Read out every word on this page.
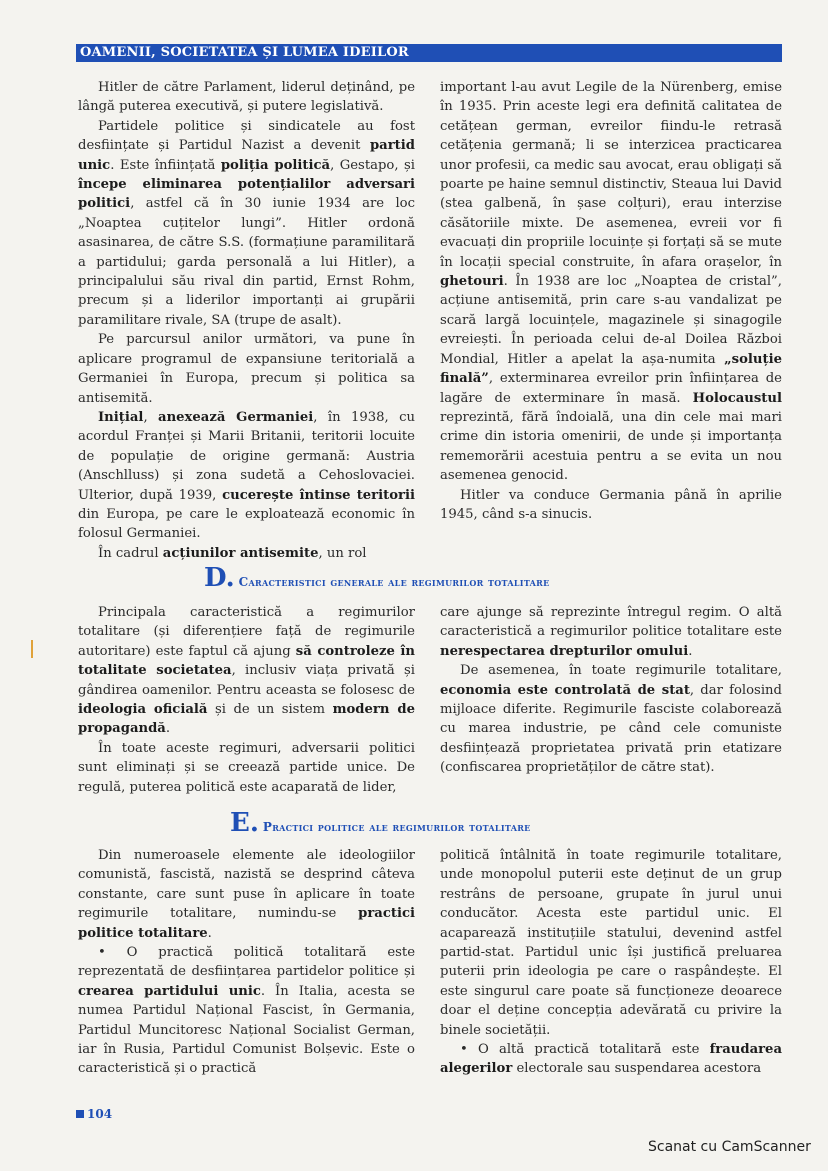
OAMENII, SOCIETATEA ȘI LUMEA IDEILOR

Hitler de către Parlament, liderul deținând, pe lângă puterea executivă, și putere legislativă.

Partidele politice și sindicatele au fost desființate și Partidul Nazist a devenit partid unic. Este înființată poliția politică, Gestapo, și începe eliminarea potențialilor adversari politici, astfel că în 30 iunie 1934 are loc „Noaptea cuțitelor lungi”. Hitler ordonă asasinarea, de către S.S. (formațiune paramilitară a partidului; garda personală a lui Hitler), a principalului său rival din partid, Ernst Rohm, precum și a liderilor importanți ai grupării paramilitare rivale, SA (trupe de asalt).

Pe parcursul anilor următori, va pune în aplicare programul de expansiune teritorială a Germaniei în Europa, precum și politica sa antisemită.

Inițial, anexează Germaniei, în 1938, cu acordul Franței și Marii Britanii, teritorii locuite de populație de origine germană: Austria (Anschlluss) și zona sudetă a Cehoslovaciei. Ulterior, după 1939, cucerește întinse teritorii din Europa, pe care le exploatează economic în folosul Germaniei.

În cadrul acțiunilor antisemite, un rol

important l-au avut Legile de la Nürenberg, emise în 1935. Prin aceste legi era definită calitatea de cetățean german, evreilor fiindu-le retrasă cetățenia germană; li se interzicea practicarea unor profesii, ca medic sau avocat, erau obligați să poarte pe haine semnul distinctiv, Steaua lui David (stea galbenă, în șase colțuri), erau interzise căsătoriile mixte. De asemenea, evreii vor fi evacuați din propriile locuințe și forțați să se mute în locații special construite, în afara orașelor, în ghetouri. În 1938 are loc „Noaptea de cristal”, acțiune antisemită, prin care s-au vandalizat pe scară largă locuințele, magazinele și sinagogile evreiești. În perioada celui de-al Doilea Război Mondial, Hitler a apelat la așa-numita „soluție finală”, exterminarea evreilor prin înființarea de lagăre de exterminare în masă. Holocaustul reprezintă, fără îndoială, una din cele mai mari crime din istoria omenirii, de unde și importanța rememorării acestuia pentru a se evita un nou asemenea genocid.

Hitler va conduce Germania până în aprilie 1945, când s-a sinucis.

D. Caracteristici generale ale regimurilor totalitare

Principala caracteristică a regimurilor totalitare (și diferențiere față de regimurile autoritare) este faptul că ajung să controleze în totalitate societatea, inclusiv viața privată și gândirea oamenilor. Pentru aceasta se folosesc de ideologia oficială și de un sistem modern de propagandă.

În toate aceste regimuri, adversarii politici sunt eliminați și se creează partide unice. De regulă, puterea politică este acaparată de lider,

care ajunge să reprezinte întregul regim. O altă caracteristică a regimurilor politice totalitare este nerespectarea drepturilor omului.

De asemenea, în toate regimurile totalitare, economia este controlată de stat, dar folosind mijloace diferite. Regimurile fasciste colaborează cu marea industrie, pe când cele comuniste desființează proprietatea privată prin etatizare (confiscarea proprietăților de către stat).

E. Practici politice ale regimurilor totalitare

Din numeroasele elemente ale ideologiilor comunistă, fascistă, nazistă se desprind câteva constante, care sunt puse în aplicare în toate regimurile totalitare, numindu-se practici politice totalitare.

• O practică politică totalitară este reprezentată de desființarea partidelor politice și crearea partidului unic. În Italia, acesta se numea Partidul Național Fascist, în Germania, Partidul Muncitoresc Național Socialist German, iar în Rusia, Partidul Comunist Bolșevic. Este o caracteristică și o practică

politică întâlnită în toate regimurile totalitare, unde monopolul puterii este deținut de un grup restrâns de persoane, grupate în jurul unui conducător. Acesta este partidul unic. El acaparează instituțiile statului, devenind astfel partid-stat. Partidul unic își justifică preluarea puterii prin ideologia pe care o raspândește. El este singurul care poate să funcționeze deoarece doar el deține concepția adevărată cu privire la binele societății.

• O altă practică totalitară este fraudarea alegerilor electorale sau suspendarea acestora

104
Scanat cu CamScanner
